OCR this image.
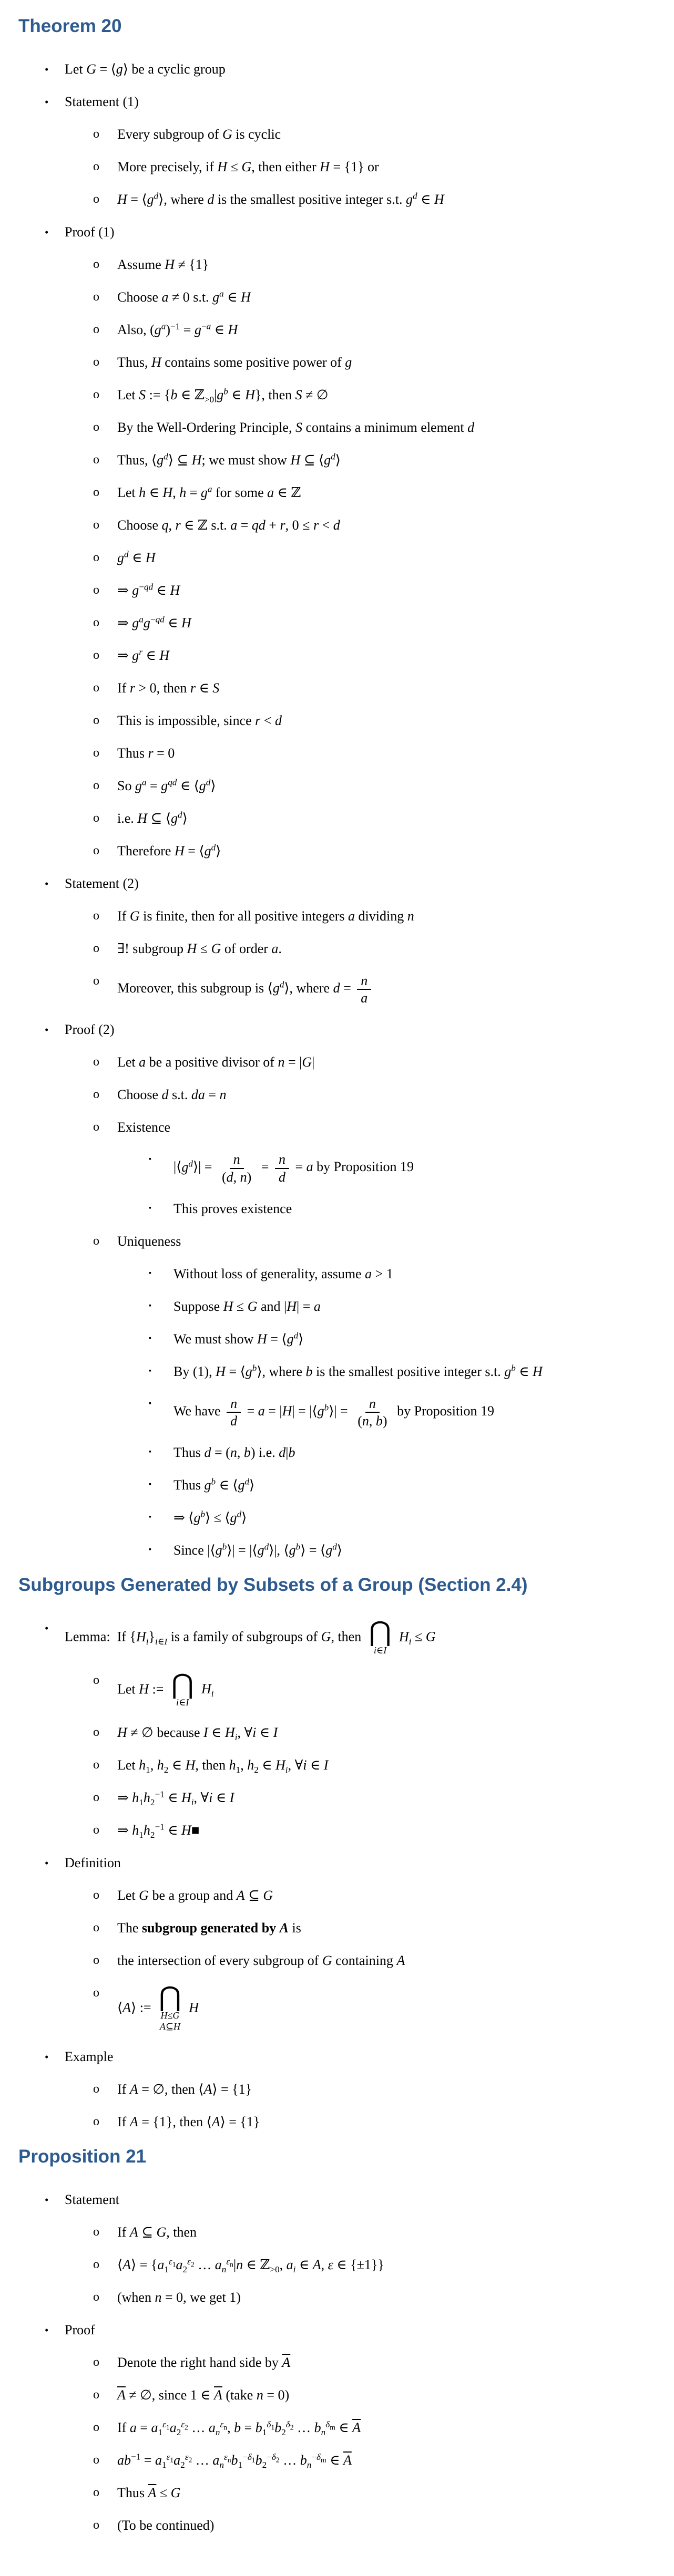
Theorem 20
•	Let G = ⟨g⟩ be a cyclic group
•	Statement (1)
o	Every subgroup of G is cyclic
o	More precisely, if H ≤ G, then either H = {1} or
o	$H = ⟨g^d⟩$, where d is the smallest positive integer s.t. $g^d$ ∈ H
•	Proof (1)
o	Assume H ≠ {1}
o	Choose a ≠ 0 s.t. $g^a$ ∈ H
o	Also, $(g^a)^{-1} = g^{-a}$ ∈ H
o	Thus, H contains some positive power of g
o	Let S := {b ∈ $ℤ_{>0}|g^b$ ∈ H}, then S ≠ ∅
o	By the Well-Ordering Principle, S contains a minimum element d
o	Thus, $⟨g^d⟩$ ⊆ H; we must show H ⊆ $⟨g^d⟩$
o	Let h ∈ H, $h = g^a$ for some a ∈ ℤ
o	Choose q, r ∈ ℤ s.t. a = qd + r, 0 ≤ r < d
o	$g^d$ ∈ H
o	⇒ $g^{-qd}$ ∈ H
o	⇒ $g^ag^{-qd}$ ∈ H
o	⇒ $g^r$ ∈ H
o	If r > 0, then r ∈ S
o	This is impossible, since r < d
o	Thus r = 0
o	So $g^a = g^{qd}$ ∈ $⟨g^d⟩$
o	i.e. H ⊆ $⟨g^d⟩$
o	Therefore $H = ⟨g^d⟩$
•	Statement (2)
o	If G is finite, then for all positive integers a dividing n
o	∃! subgroup H ≤ G of order a.
o	Moreover, this subgroup is $⟨g^d⟩$, where $d = \frac{n}{a}$
•	Proof (2)
o	Let a be a positive divisor of n = |G|
o	Choose d s.t. da = n
o	Existence
▪	$|⟨g^d⟩| = \frac{n}{(d, n)} = \frac{n}{d} = a$ by Proposition 19
▪	This proves existence
o	Uniqueness
▪	Without loss of generality, assume a > 1
▪	Suppose H ≤ G and |H| = a
▪	We must show $H = ⟨g^d⟩$
▪	By (1), $H = ⟨g^b⟩$, where b is the smallest positive integer s.t. $g^b$ ∈ H
▪	We have $\frac{n}{d} = a = |H|$ = $|⟨g^b⟩| = \frac{n}{(n, b)}$ by Proposition 19
▪	Thus d = (n, b) i.e. d|b
▪	Thus $g^b$ ∈ $⟨g^d⟩$
▪	⇒ $⟨g^b⟩$ ≤ $⟨g^d⟩$
▪	Since $|⟨g^b⟩|$ = $|⟨g^d⟩|$, $⟨g^b⟩$ = $⟨g^d⟩$
Subgroups Generated by Subsets of a Group (Section 2.4)
•
Lemma:  If $\{H_i\}_{i\in I}$ is a family of subgroups of G, then ⋂
i∈I
$H_i \le G$
o
Let H := ⋂
i∈I
$H_i$
o	H ≠ ∅ because I ∈ $H_i$, ∀i ∈ I
o	Let $h_1$, $h_2$ ∈ H, then $h_1$, $h_2$ ∈ $H_i$, ∀i ∈ I
o	⇒ $h_1h_2^{-1}$ ∈ $H_i$, ∀i ∈ I
o	⇒ $h_1h_2^{-1}$ ∈ H■
•	Definition
o	Let G be a group and A ⊆ G
o	The subgroup generated by A is
o	the intersection of every subgroup of G containing A
o
⟨A⟩ := ⋂
H≤G
A⊆H
H
•	Example
o	If A = ∅, then ⟨A⟩ = {1}
o	If A = {1}, then ⟨A⟩ = {1}
Proposition 21
•	Statement
o	If A ⊆ G, then
o	⟨A⟩ = {$a_1^{\varepsilon_1}a_2^{\varepsilon_2}$ … $a_n^{\varepsilon_n}|n$ ∈ ℤ$_{>0}$, $a_i$ ∈ A, ε ∈ {±1}}
o	(when n = 0, we get 1)
•	Proof
o	Denote the right hand side by $\overline{A}$
o	$\overline{A}$ ≠ ∅, since 1 ∈ $\overline{A}$ (take n = 0)
o	If $a = a_1^{\varepsilon_1}a_2^{\varepsilon_2}$ … $a_n^{\varepsilon_n}$, $b = b_1^{\delta_1}b_2^{\delta_2}$ … $b_n^{\delta_m}$ ∈ $\overline{A}$
o	$ab^{-1} = a_1^{\varepsilon_1}a_2^{\varepsilon_2}$ … $a_n^{\varepsilon_n}b_1^{-\delta_1}b_2^{-\delta_2}$ … $b_n^{-\delta_m}$ ∈ $\overline{A}$
o	Thus $\overline{A} \le G$
o	(To be continued)
